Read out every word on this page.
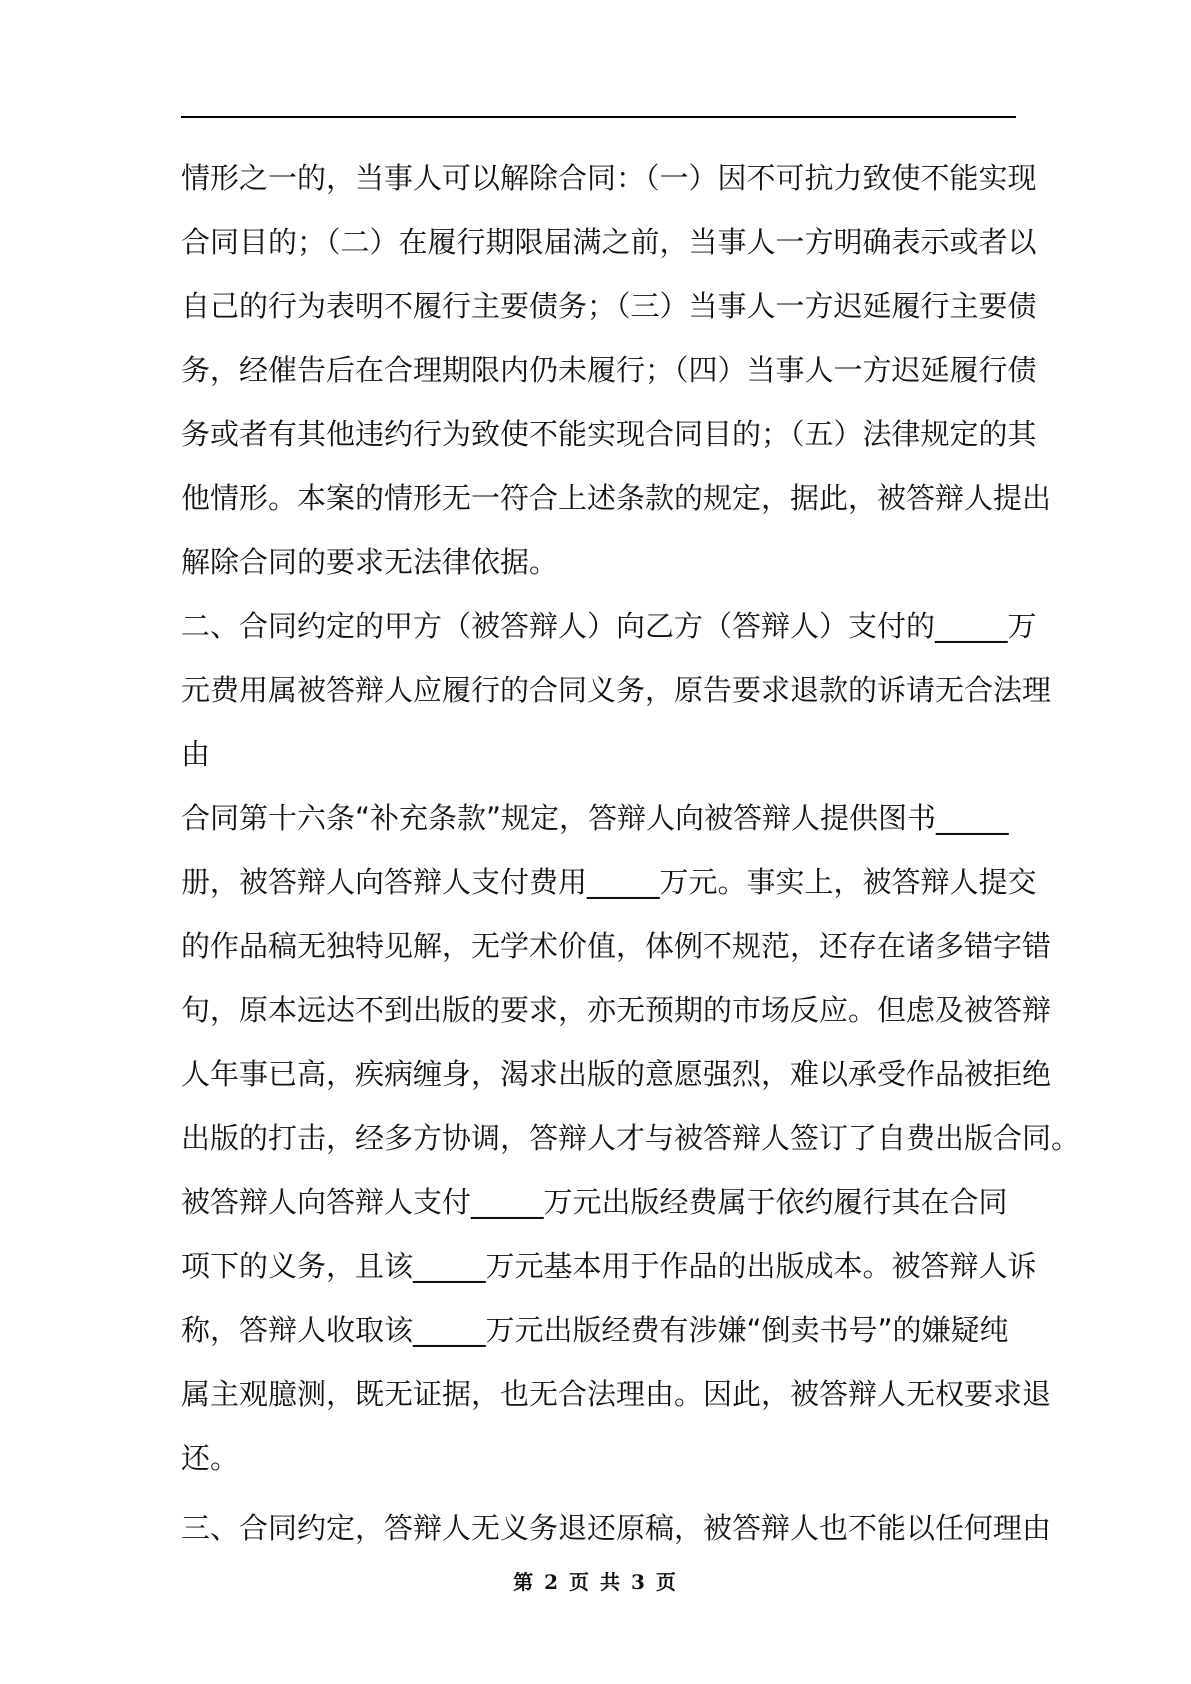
情形之一的，当事人可以解除合同：（一）因不可抗力致使不能实现
合同目的；（二）在履行期限届满之前，当事人一方明确表示或者以
自己的行为表明不履行主要债务；（三）当事人一方迟延履行主要债
务，经催告后在合理期限内仍未履行；（四）当事人一方迟延履行债
务或者有其他违约行为致使不能实现合同目的；（五）法律规定的其
他情形。本案的情形无一符合上述条款的规定，据此，被答辩人提出
解除合同的要求无法律依据。
二、合同约定的甲方（被答辩人）向乙方（答辩人）支付的_____万
元费用属被答辩人应履行的合同义务，原告要求退款的诉请无合法理
由
合同第十六条“补充条款”规定，答辩人向被答辩人提供图书_____
册，被答辩人向答辩人支付费用_____万元。事实上，被答辩人提交
的作品稿无独特见解，无学术价值，体例不规范，还存在诸多错字错
句，原本远达不到出版的要求，亦无预期的市场反应。但虑及被答辩
人年事已高，疾病缠身，渴求出版的意愿强烈，难以承受作品被拒绝
出版的打击，经多方协调，答辩人才与被答辩人签订了自费出版合同。
被答辩人向答辩人支付_____万元出版经费属于依约履行其在合同
项下的义务，且该_____万元基本用于作品的出版成本。被答辩人诉
称，答辩人收取该_____万元出版经费有涉嫌“倒卖书号”的嫌疑纯
属主观臆测，既无证据，也无合法理由。因此，被答辩人无权要求退
还。
三、合同约定，答辩人无义务退还原稿，被答辩人也不能以任何理由
第 2 页 共 3 页
